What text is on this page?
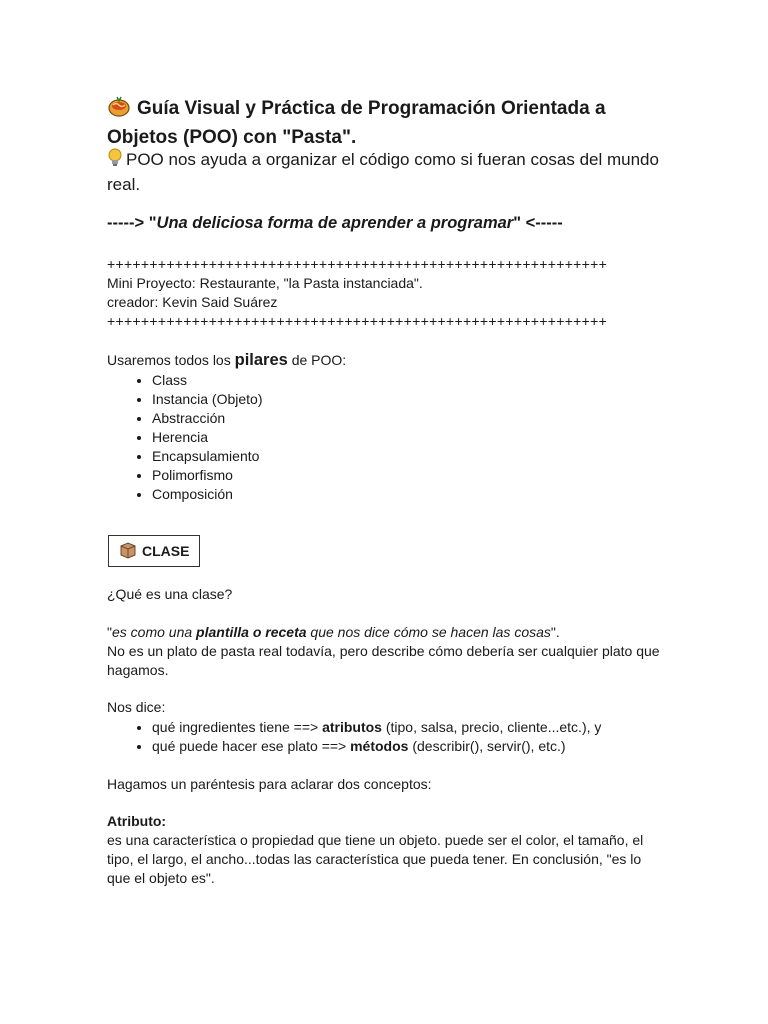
Guía Visual y Práctica de Programación Orientada a Objetos (POO) con "Pasta".

POO nos ayuda a organizar el código como si fueran cosas del mundo real.

-----> "Una deliciosa forma de aprender a programar" <-----

+++++++++++++++++++++++++++++++++++++++++++++++++++++++++++
Mini Proyecto: Restaurante, "la Pasta instanciada".
creador: Kevin Said Suárez
+++++++++++++++++++++++++++++++++++++++++++++++++++++++++++
Usaremos todos los pilares de POO:
• Class
• Instancia (Objeto)
• Abstracción
• Herencia
• Encapsulamiento
• Polimorfismo
• Composición
CLASE
¿Qué es una clase?

"es como una plantilla o receta que nos dice cómo se hacen las cosas".

No es un plato de pasta real todavía, pero describe cómo debería ser cualquier plato que hagamos.

Nos dice:
• qué ingredientes tiene ==> atributos (tipo, salsa, precio, cliente...etc.), y
• qué puede hacer ese plato ==> métodos (describir(), servir(), etc.)
Hagamos un paréntesis para aclarar dos conceptos:

Atributo:

es una característica o propiedad que tiene un objeto. puede ser el color, el tamaño, el tipo, el largo, el ancho...todas las característica que pueda tener. En conclusión, "es lo que el objeto es".
